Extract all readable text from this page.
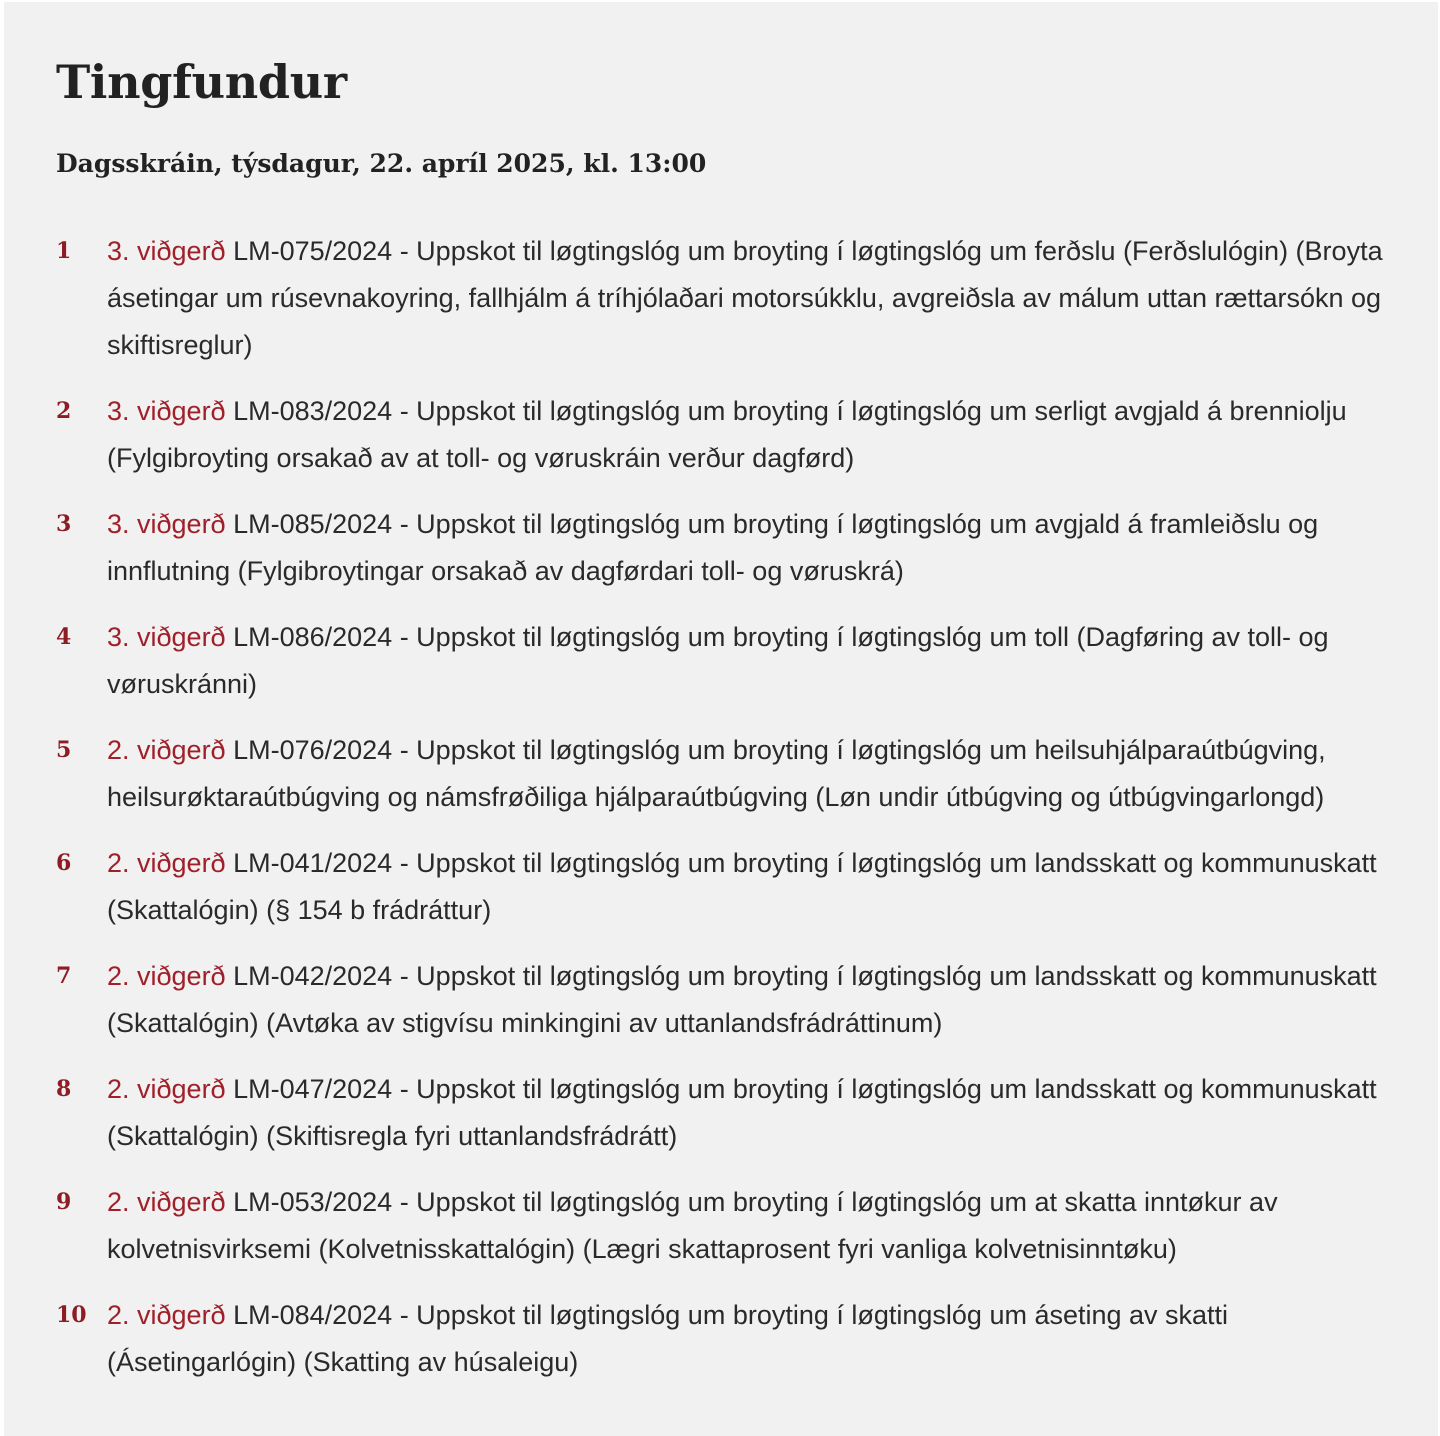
Tingfundur
Dagsskráin, týsdagur, 22. apríl 2025, kl. 13:00
1 3. viðgerð LM-075/2024 - Uppskot til løgtingslóg um broyting í løgtingslóg um ferðslu (Ferðslulógin) (Broyta ásetingar um rúsevnakoyring, fallhjálm á tríhjólaðari motorsúkklu, avgreiðsla av málum uttan rættarsókn og skiftisreglur)
2 3. viðgerð LM-083/2024 - Uppskot til løgtingslóg um broyting í løgtingslóg um serligt avgjald á brenniolju (Fylgibroyting orsakað av at toll- og vøruskráin verður dagførd)
3 3. viðgerð LM-085/2024 - Uppskot til løgtingslóg um broyting í løgtingslóg um avgjald á framleiðslu og innflutning (Fylgibroytingar orsakað av dagførdari toll- og vøruskrá)
4 3. viðgerð LM-086/2024 - Uppskot til løgtingslóg um broyting í løgtingslóg um toll (Dagføring av toll- og vøruskránni)
5 2. viðgerð LM-076/2024 - Uppskot til løgtingslóg um broyting í løgtingslóg um heilsuhjálparaútbúgving, heilsurøktaraútbúgving og námsfrøðiliga hjálparaútbúgving (Løn undir útbúgving og útbúgvingarlongd)
6 2. viðgerð LM-041/2024 - Uppskot til løgtingslóg um broyting í løgtingslóg um landsskatt og kommunuskatt (Skattalógin) (§ 154 b frádráttur)
7 2. viðgerð LM-042/2024 - Uppskot til løgtingslóg um broyting í løgtingslóg um landsskatt og kommunuskatt (Skattalógin) (Avtøka av stigvísu minkingini av uttanlandsfrádráttinum)
8 2. viðgerð LM-047/2024 - Uppskot til løgtingslóg um broyting í løgtingslóg um landsskatt og kommunuskatt (Skattalógin) (Skiftisregla fyri uttanlandsfrádrátt)
9 2. viðgerð LM-053/2024 - Uppskot til løgtingslóg um broyting í løgtingslóg um at skatta inntøkur av kolvetnisvirksemi (Kolvetnisskattalógin) (Lægri skattaprosent fyri vanliga kolvetnisinntøku)
10 2. viðgerð LM-084/2024 - Uppskot til løgtingslóg um broyting í løgtingslóg um áseting av skatti (Ásetingarlógin) (Skatting av húsaleigu)
